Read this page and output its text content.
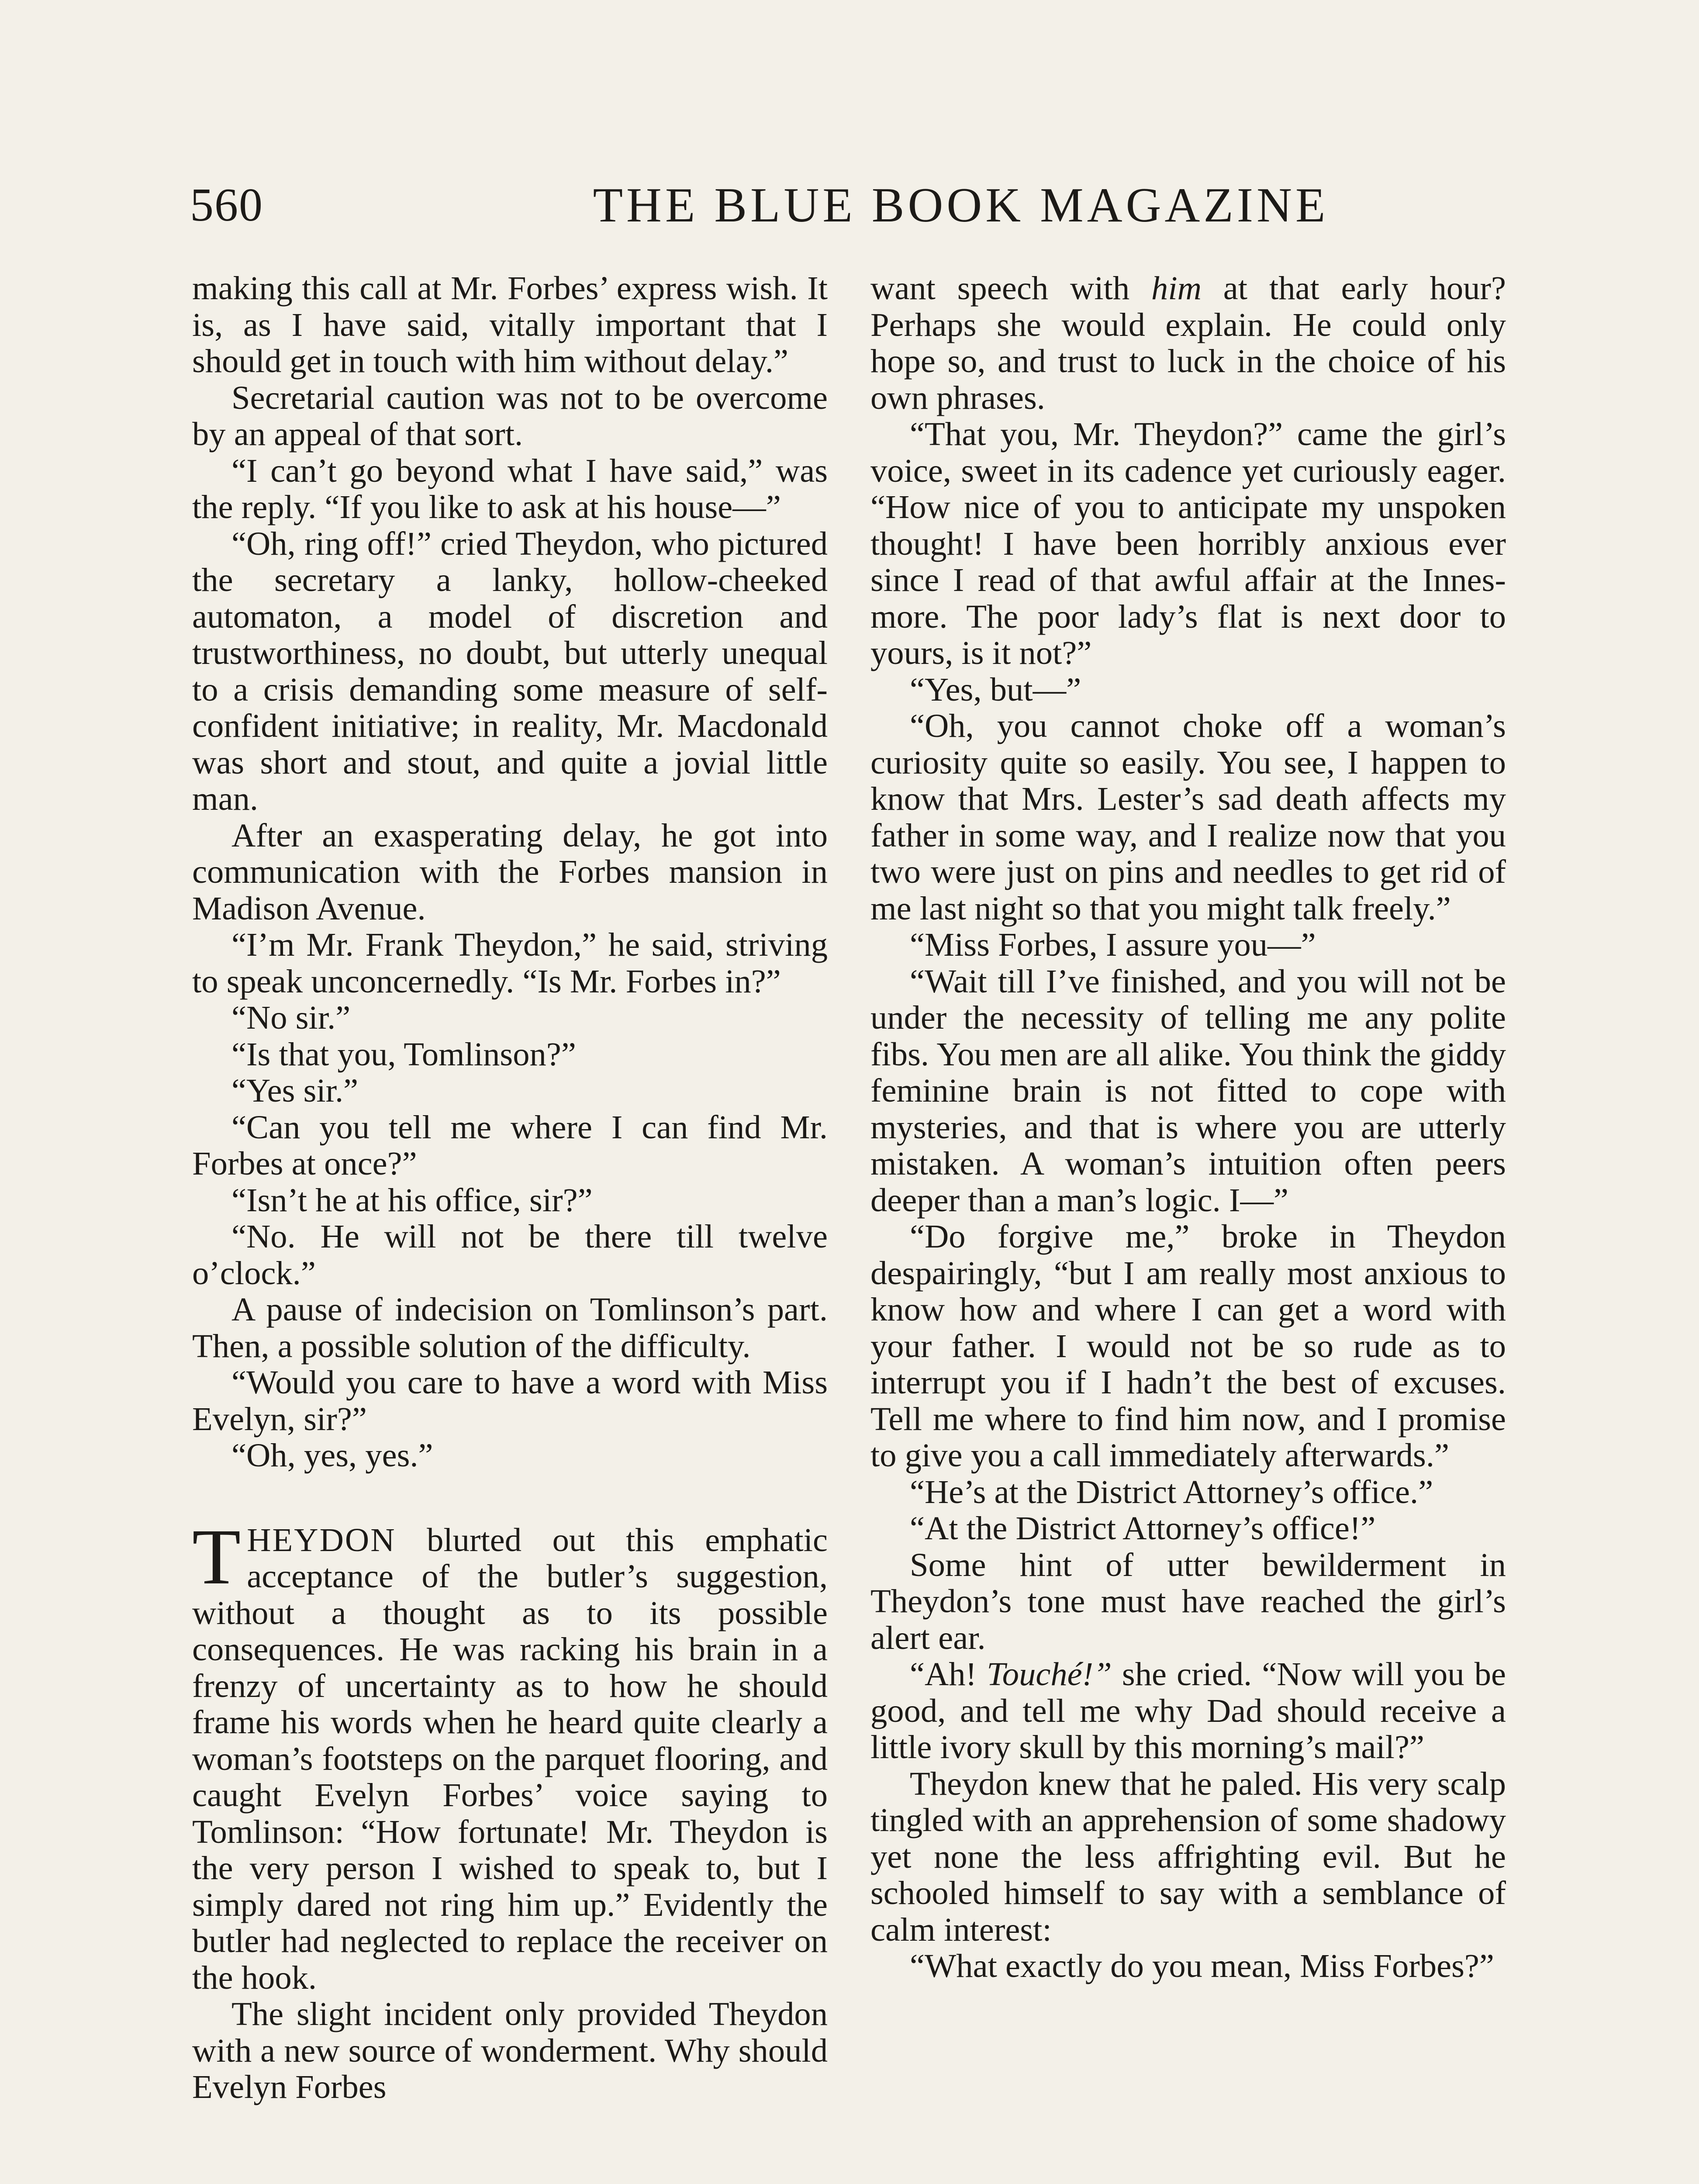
560	THE BLUE BOOK MAGAZINE

making this call at Mr. Forbes’ express wish. It is, as I have said, vitally important that I should get in touch with him without delay.”

Secretarial caution was not to be overcome by an appeal of that sort.

“I can’t go beyond what I have said,” was the reply. “If you like to ask at his house—”

“Oh, ring off!” cried Theydon, who pictured the secretary a lanky, hollow-cheeked automaton, a model of discretion and trustworthiness, no doubt, but utterly unequal to a crisis demanding some measure of self-confident initiative; in reality, Mr. Macdonald was short and stout, and quite a jovial little man.

After an exasperating delay, he got into communication with the Forbes mansion in Madison Avenue.

“I’m Mr. Frank Theydon,” he said, striving to speak unconcernedly. “Is Mr. Forbes in?”

“No sir.”

“Is that you, Tomlinson?”

“Yes sir.”

“Can you tell me where I can find Mr. Forbes at once?”

“Isn’t he at his office, sir?”

“No. He will not be there till twelve o’clock.”

A pause of indecision on Tomlinson’s part. Then, a possible solution of the difficulty.

“Would you care to have a word with Miss Evelyn, sir?”

“Oh, yes, yes.”

THEYDON blurted out this emphatic acceptance of the butler’s suggestion, without a thought as to its possible consequences. He was racking his brain in a frenzy of uncertainty as to how he should frame his words when he heard quite clearly a woman’s footsteps on the parquet flooring, and caught Evelyn Forbes’ voice saying to Tomlinson: “How fortunate! Mr. Theydon is the very person I wished to speak to, but I simply dared not ring him up.” Evidently the butler had neglected to replace the receiver on the hook.

The slight incident only provided Theydon with a new source of wonderment. Why should Evelyn Forbes

want speech with him at that early hour? Perhaps she would explain. He could only hope so, and trust to luck in the choice of his own phrases.

“That you, Mr. Theydon?” came the girl’s voice, sweet in its cadence yet curiously eager. “How nice of you to anticipate my unspoken thought! I have been horribly anxious ever since I read of that awful affair at the Innesmore. The poor lady’s flat is next door to yours, is it not?”

“Yes, but—”

“Oh, you cannot choke off a woman’s curiosity quite so easily. You see, I happen to know that Mrs. Lester’s sad death affects my father in some way, and I realize now that you two were just on pins and needles to get rid of me last night so that you might talk freely.”

“Miss Forbes, I assure you—”

“Wait till I’ve finished, and you will not be under the necessity of telling me any polite fibs. You men are all alike. You think the giddy feminine brain is not fitted to cope with mysteries, and that is where you are utterly mistaken. A woman’s intuition often peers deeper than a man’s logic. I—”

“Do forgive me,” broke in Theydon despairingly, “but I am really most anxious to know how and where I can get a word with your father. I would not be so rude as to interrupt you if I hadn’t the best of excuses. Tell me where to find him now, and I promise to give you a call immediately afterwards.”

“He’s at the District Attorney’s office.”

“At the District Attorney’s office!”

Some hint of utter bewilderment in Theydon’s tone must have reached the girl’s alert ear.

“Ah! Touché!” she cried. “Now will you be good, and tell me why Dad should receive a little ivory skull by this morning’s mail?”

Theydon knew that he paled. His very scalp tingled with an apprehension of some shadowy yet none the less affrighting evil. But he schooled himself to say with a semblance of calm interest:

“What exactly do you mean, Miss Forbes?”
